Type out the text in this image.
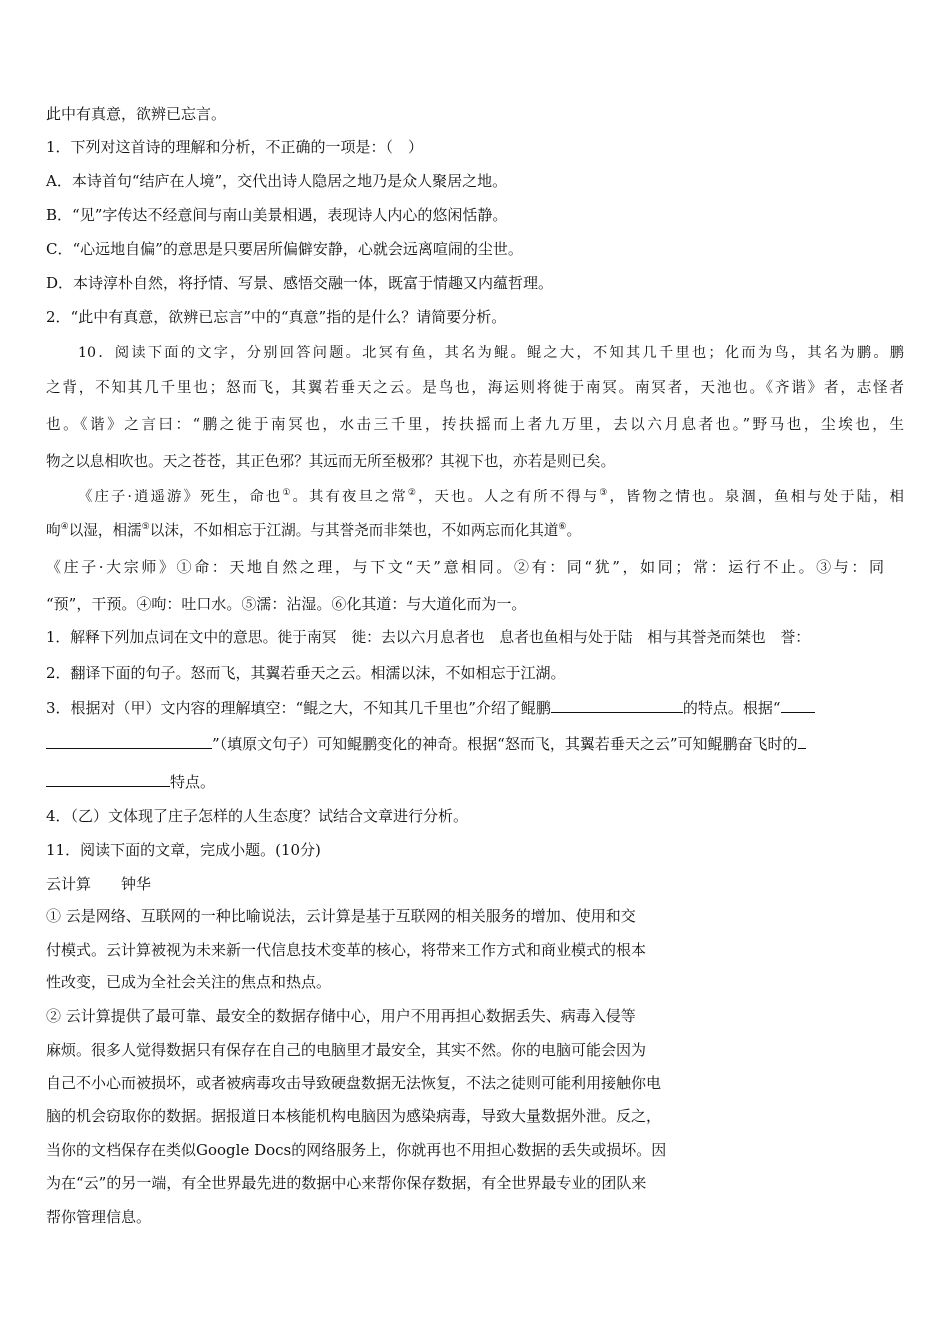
此中有真意，欲辨已忘言。

1．下列对这首诗的理解和分析，不正确的一项是：（　）

A．本诗首句“结庐在人境”，交代出诗人隐居之地乃是众人聚居之地。

B．“见”字传达不经意间与南山美景相遇，表现诗人内心的悠闲恬静。

C．“心远地自偏”的意思是只要居所偏僻安静，心就会远离喧闹的尘世。

D．本诗淳朴自然，将抒情、写景、感悟交融一体，既富于情趣又内蕴哲理。

2．“此中有真意，欲辨已忘言”中的“真意”指的是什么？请简要分析。

10．阅读下面的文字，分别回答问题。北冥有鱼，其名为鲲。鲲之大，不知其几千里也；化而为鸟，其名为鹏。鹏

之背，不知其几千里也；怒而飞，其翼若垂天之云。是鸟也，海运则将徙于南冥。南冥者，天池也。《齐谐》者，志怪者

也。《谐》之言曰：“鹏之徙于南冥也，水击三千里，抟扶摇而上者九万里，去以六月息者也。”野马也，尘埃也，生

物之以息相吹也。天之苍苍，其正色邪？其远而无所至极邪？其视下也，亦若是则已矣。

《庄子·逍遥游》死生，命也①。其有夜旦之常②，天也。人之有所不得与③，皆物之情也。泉涸，鱼相与处于陆，相

呴④以湿，相濡⑤以沫，不如相忘于江湖。与其誉尧而非桀也，不如两忘而化其道⑥。

《庄子·大宗师》①命：天地自然之理，与下文“天”意相同。②有：同“犹”，如同；常：运行不止。③与：同

“预”，干预。④呴：吐口水。⑤濡：沾湿。⑥化其道：与大道化而为一。

1．解释下列加点词在文中的意思。徙于南冥　徙：去以六月息者也　息者也鱼相与处于陆　相与其誉尧而桀也　誉：

2．翻译下面的句子。怒而飞，其翼若垂天之云。相濡以沫，不如相忘于江湖。

3．根据对（甲）文内容的理解填空：“鲲之大，不知其几千里也”介绍了鲲鹏	的特点。根据“

”（填原文句子）可知鲲鹏变化的神奇。根据“怒而飞，其翼若垂天之云”可知鲲鹏奋飞时的

特点。

4．（乙）文体现了庄子怎样的人生态度？试结合文章进行分析。

11．阅读下面的文章，完成小题。(10分)

云计算　　钟华

① 云是网络、互联网的一种比喻说法，云计算是基于互联网的相关服务的增加、使用和交

付模式。云计算被视为未来新一代信息技术变革的核心，将带来工作方式和商业模式的根本

性改变，已成为全社会关注的焦点和热点。

② 云计算提供了最可靠、最安全的数据存储中心，用户不用再担心数据丢失、病毒入侵等

麻烦。很多人觉得数据只有保存在自己的电脑里才最安全，其实不然。你的电脑可能会因为

自己不小心而被损坏，或者被病毒攻击导致硬盘数据无法恢复，不法之徒则可能利用接触你电

脑的机会窃取你的数据。据报道日本核能机构电脑因为感染病毒，导致大量数据外泄。反之，

当你的文档保存在类似Google Docs的网络服务上，你就再也不用担心数据的丢失或损坏。因

为在“云”的另一端，有全世界最先进的数据中心来帮你保存数据，有全世界最专业的团队来

帮你管理信息。
